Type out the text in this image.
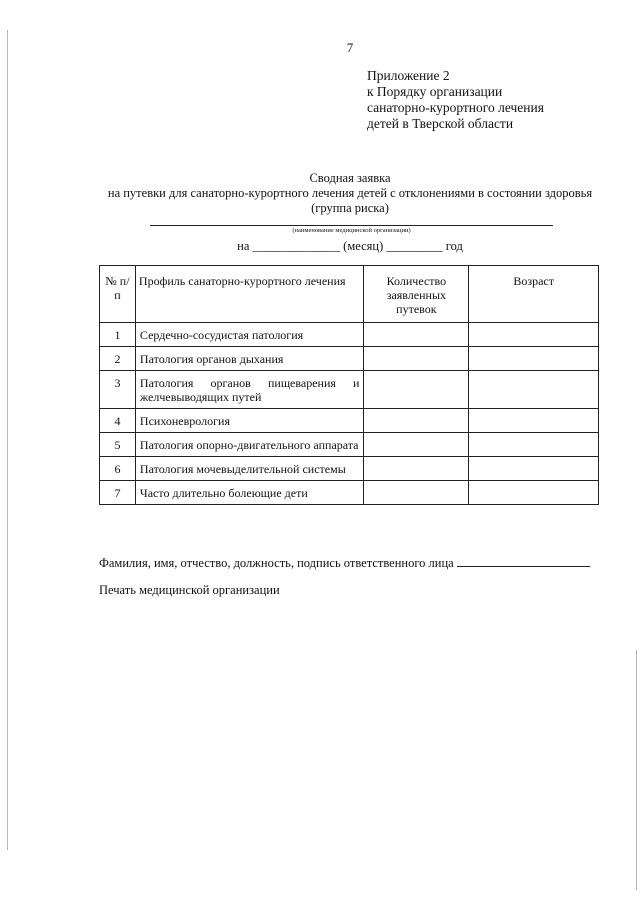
7
Приложение 2
к Порядку организации
санаторно-курортного лечения
детей в Тверской области
Сводная заявка
на путевки для санаторно-курортного лечения детей с отклонениями в состоянии здоровья
(группа риска)
(наименование медицинской организации)
на ______________ (месяц) _________ год
№ п/п	Профиль санаторно-курортного лечения	Количество заявленных путевок	Возраст
1	Сердечно-сосудистая патология		
2	Патология органов дыхания		
3	Патология органов пищеварения и желчевыводящих путей		
4	Психоневрология		
5	Патология опорно-двигательного аппарата		
6	Патология мочевыделительной системы		
7	Часто длительно болеющие дети		
Фамилия, имя, отчество, должность, подпись ответственного лица
Печать медицинской организации
